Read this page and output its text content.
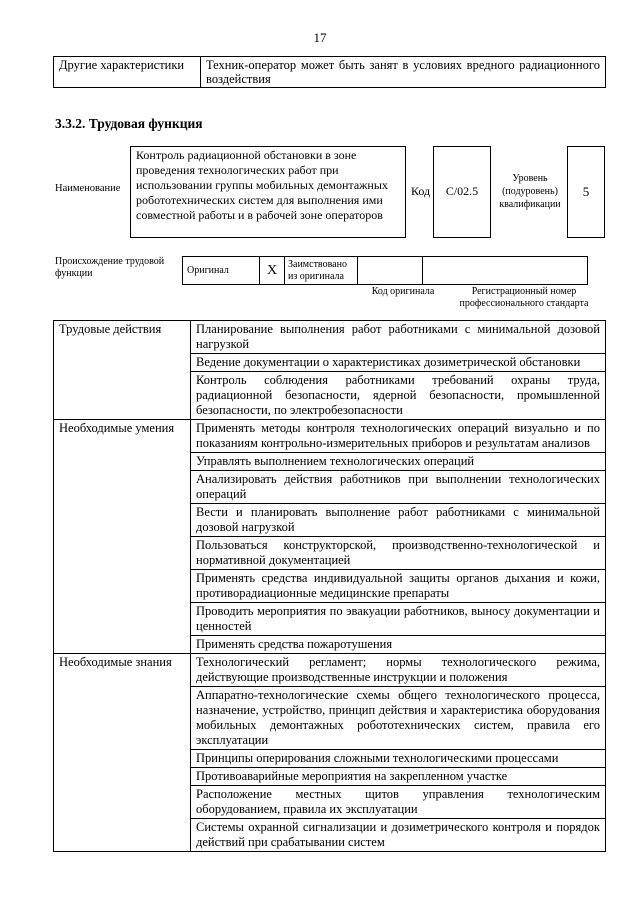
17
Другие характеристики	Техник-оператор может быть занят в условиях вредного радиационного воздействия
3.3.2. Трудовая функция
Наименование
Контроль радиационной обстановки в зоне проведения технологических работ при использовании группы мобильных демонтажных робототехнических систем для выполнения ими совместной работы и в рабочей зоне операторов
Код	C/02.5
Уровень (подуровень) квалификации
5
Происхождение трудовой функции	Оригинал	X	Заимствовано из оригинала		
Код оригинала	Регистрационный номер профессионального стандарта
Трудовые действия	Планирование выполнения работ работниками с минимальной дозовой нагрузкой
	Ведение документации о характеристиках дозиметрической обстановки
	Контроль соблюдения работниками требований охраны труда, радиационной безопасности, ядерной безопасности, промышленной безопасности, по электробезопасности
Необходимые умения	Применять методы контроля технологических операций визуально и по показаниям контрольно-измерительных приборов и результатам анализов
	Управлять выполнением технологических операций
	Анализировать действия работников при выполнении технологических операций
	Вести и планировать выполнение работ работниками с минимальной дозовой нагрузкой
	Пользоваться конструкторской, производственно-технологической и нормативной документацией
	Применять средства индивидуальной защиты органов дыхания и кожи, противорадиационные медицинские препараты
	Проводить мероприятия по эвакуации работников, выносу документации и ценностей
	Применять средства пожаротушения
Необходимые знания	Технологический регламент; нормы технологического режима, действующие производственные инструкции и положения
	Аппаратно-технологические схемы общего технологического процесса, назначение, устройство, принцип действия и характеристика оборудования мобильных демонтажных робототехнических систем, правила его эксплуатации
	Принципы оперирования сложными технологическими процессами
	Противоаварийные мероприятия на закрепленном участке
	Расположение местных щитов управления технологическим оборудованием, правила их эксплуатации
	Системы охранной сигнализации и дозиметрического контроля и порядок действий при срабатывании систем
